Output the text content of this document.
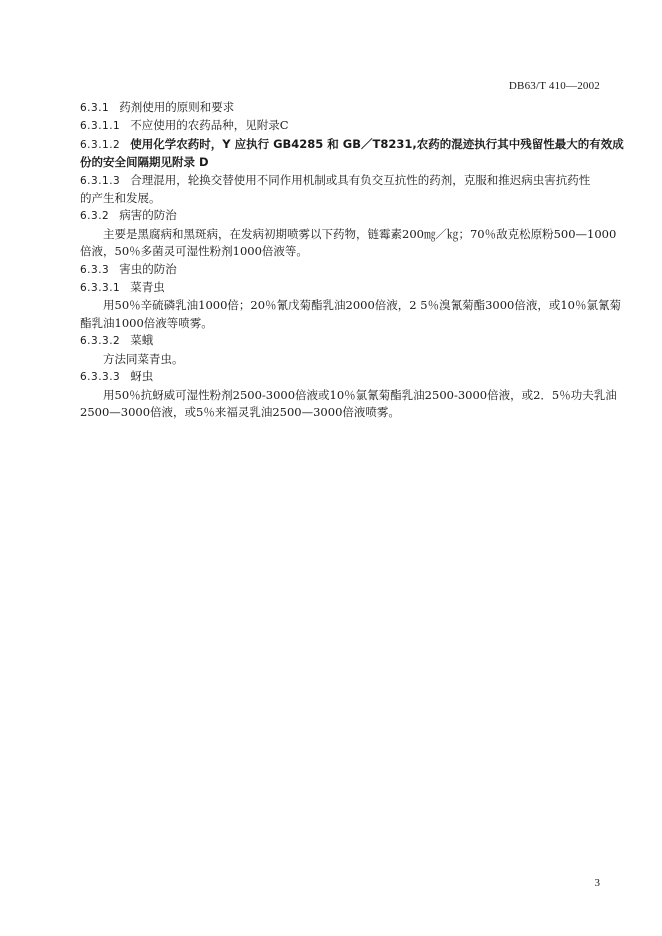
DB63/T 410—2002
6.3.1 药剂使用的原则和要求
6.3.1.1 不应使用的农药品种，见附录C
6.3.1.2 使用化学农药时，Y 应执行 GB4285 和 GB／T8231,农药的混迹执行其中残留性最大的有效成
份的安全间隔期见附录 D
6.3.1.3 合理混用，轮换交替使用不同作用机制或具有负交互抗性的药剂，克服和推迟病虫害抗药性
的产生和发展。
6.3.2 病害的防治
主要是黑腐病和黑斑病，在发病初期喷雾以下药物，链霉素200㎎／㎏；70％敌克松原粉500—1000
倍液，50％多菌灵可湿性粉剂1000倍液等。
6.3.3 害虫的防治
6.3.3.1 菜青虫
用50％辛硫磷乳油1000倍；20％氰戊菊酯乳油2000倍液，2 5％溴氰菊酯3000倍液，或10％氯氰菊
酯乳油1000倍液等喷雾。
6.3.3.2 菜蛾
方法同菜青虫。
6.3.3.3 蚜虫
用50％抗蚜威可湿性粉剂2500-3000倍液或10％氯氰菊酯乳油2500-3000倍液，或2．5％功夫乳油
2500—3000倍液，或5％来福灵乳油2500—3000倍液喷雾。
3
